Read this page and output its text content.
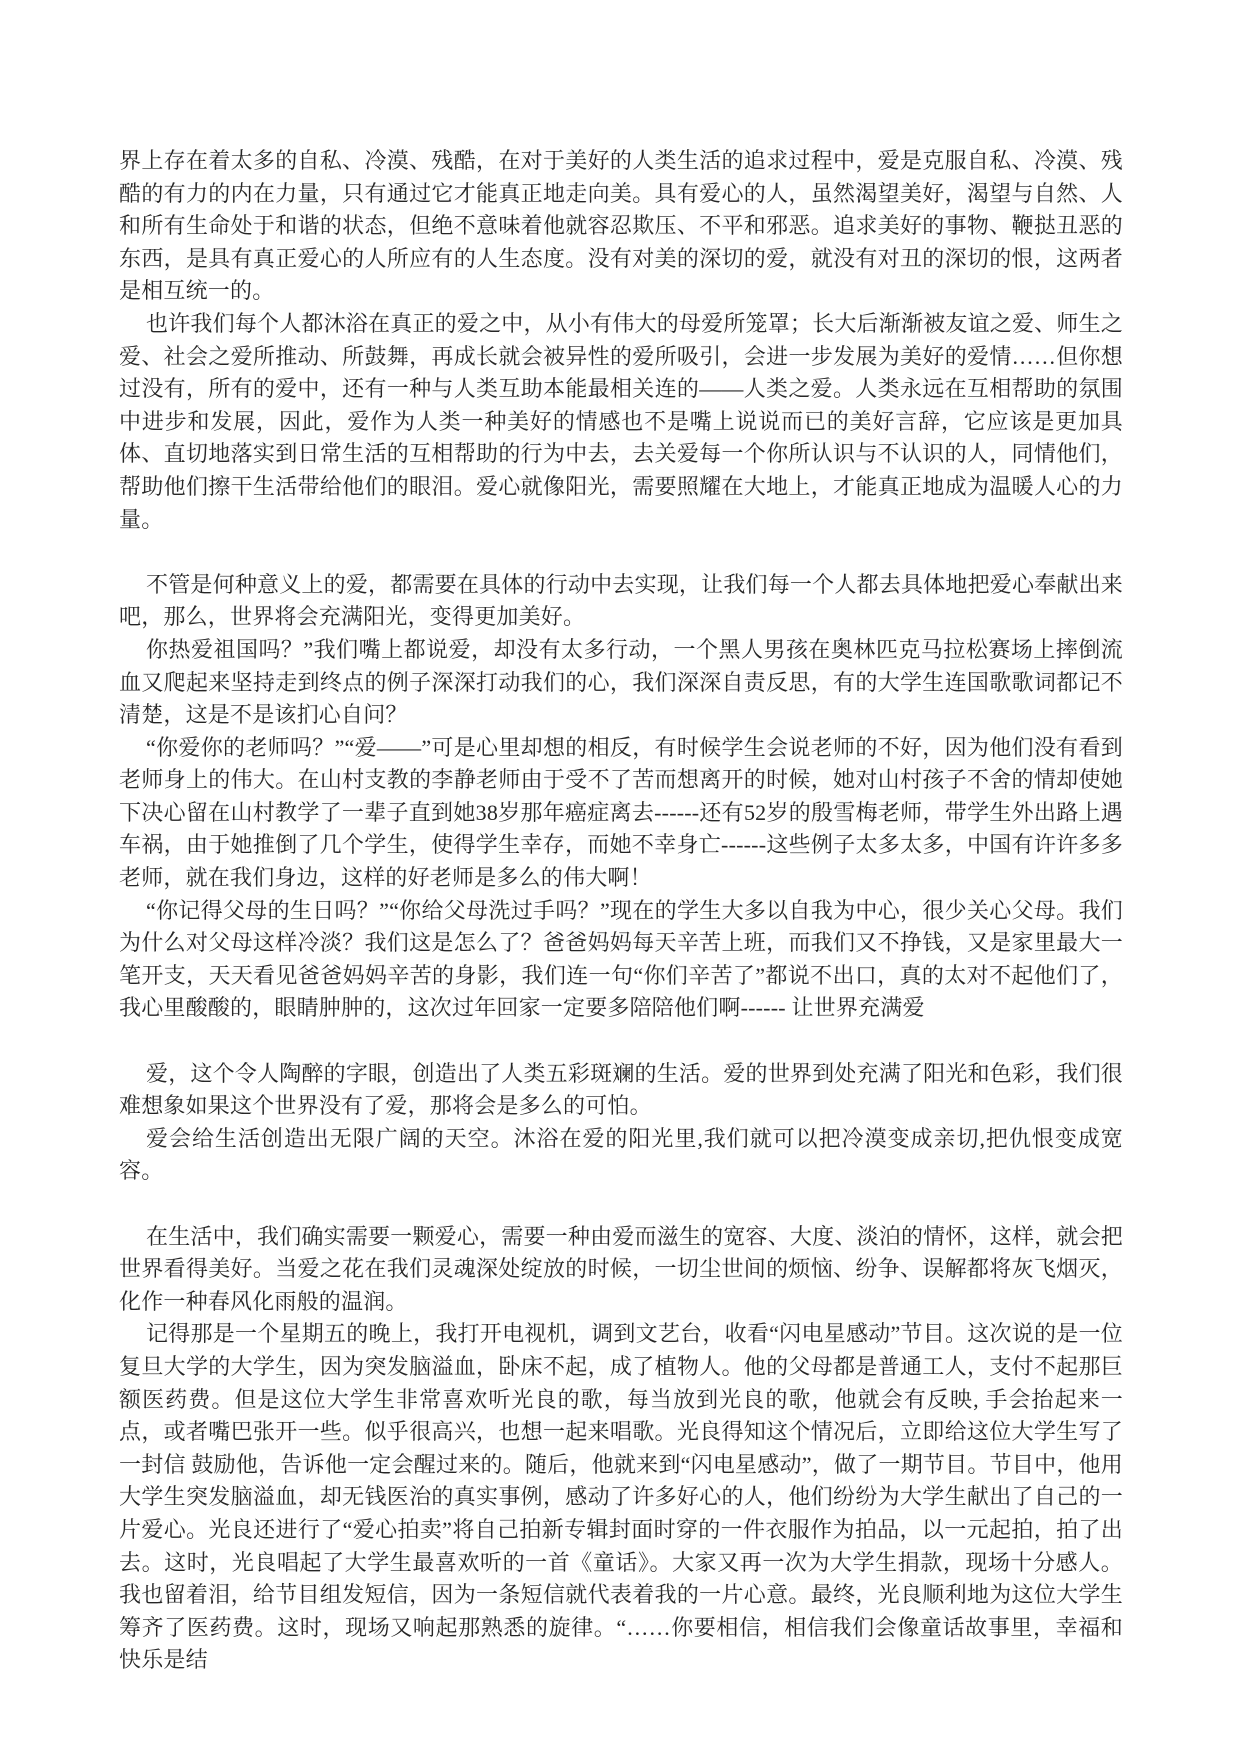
界上存在着太多的自私、冷漠、残酷，在对于美好的人类生活的追求过程中，爱是克服自私、冷漠、残酷的有力的内在力量，只有通过它才能真正地走向美。具有爱心的人，虽然渴望美好，渴望与自然、人和所有生命处于和谐的状态，但绝不意味着他就容忍欺压、不平和邪恶。追求美好的事物、鞭挞丑恶的东西，是具有真正爱心的人所应有的人生态度。没有对美的深切的爱，就没有对丑的深切的恨，这两者是相互统一的。

也许我们每个人都沐浴在真正的爱之中，从小有伟大的母爱所笼罩；长大后渐渐被友谊之爱、师生之爱、社会之爱所推动、所鼓舞，再成长就会被异性的爱所吸引，会进一步发展为美好的爱情……但你想过没有，所有的爱中，还有一种与人类互助本能最相关连的——人类之爱。人类永远在互相帮助的氛围中进步和发展，因此，爱作为人类一种美好的情感也不是嘴上说说而已的美好言辞，它应该是更加具体、直切地落实到日常生活的互相帮助的行为中去，去关爱每一个你所认识与不认识的人，同情他们，帮助他们擦干生活带给他们的眼泪。爱心就像阳光，需要照耀在大地上，才能真正地成为温暖人心的力量。

不管是何种意义上的爱，都需要在具体的行动中去实现，让我们每一个人都去具体地把爱心奉献出来吧，那么，世界将会充满阳光，变得更加美好。

你热爱祖国吗？”我们嘴上都说爱，却没有太多行动，一个黑人男孩在奥林匹克马拉松赛场上摔倒流血又爬起来坚持走到终点的例子深深打动我们的心，我们深深自责反思，有的大学生连国歌歌词都记不清楚，这是不是该扪心自问？

“你爱你的老师吗？”“爱——”可是心里却想的相反，有时候学生会说老师的不好，因为他们没有看到老师身上的伟大。在山村支教的李静老师由于受不了苦而想离开的时候，她对山村孩子不舍的情却使她下决心留在山村教学了一辈子直到她38岁那年癌症离去------还有52岁的殷雪梅老师，带学生外出路上遇车祸，由于她推倒了几个学生，使得学生幸存，而她不幸身亡------这些例子太多太多，中国有许许多多老师，就在我们身边，这样的好老师是多么的伟大啊！

“你记得父母的生日吗？”“你给父母洗过手吗？”现在的学生大多以自我为中心，很少关心父母。我们为什么对父母这样冷淡？我们这是怎么了？爸爸妈妈每天辛苦上班，而我们又不挣钱，又是家里最大一笔开支，天天看见爸爸妈妈辛苦的身影，我们连一句“你们辛苦了”都说不出口，真的太对不起他们了，我心里酸酸的，眼睛肿肿的，这次过年回家一定要多陪陪他们啊------ 让世界充满爱

爱，这个令人陶醉的字眼，创造出了人类五彩斑斓的生活。爱的世界到处充满了阳光和色彩，我们很难想象如果这个世界没有了爱，那将会是多么的可怕。

爱会给生活创造出无限广阔的天空。沐浴在爱的阳光里,我们就可以把冷漠变成亲切,把仇恨变成宽容。

在生活中，我们确实需要一颗爱心，需要一种由爱而滋生的宽容、大度、淡泊的情怀，这样，就会把世界看得美好。当爱之花在我们灵魂深处绽放的时候，一切尘世间的烦恼、纷争、误解都将灰飞烟灭，化作一种春风化雨般的温润。

记得那是一个星期五的晚上，我打开电视机，调到文艺台，收看“闪电星感动”节目。这次说的是一位复旦大学的大学生，因为突发脑溢血，卧床不起，成了植物人。他的父母都是普通工人，支付不起那巨额医药费。但是这位大学生非常喜欢听光良的歌，每当放到光良的歌，他就会有反映, 手会抬起来一点，或者嘴巴张开一些。似乎很高兴，也想一起来唱歌。光良得知这个情况后，立即给这位大学生写了一封信 鼓励他，告诉他一定会醒过来的。随后，他就来到“闪电星感动”，做了一期节目。节目中，他用大学生突发脑溢血，却无钱医治的真实事例，感动了许多好心的人，他们纷纷为大学生献出了自己的一片爱心。光良还进行了“爱心拍卖”将自己拍新专辑封面时穿的一件衣服作为拍品，以一元起拍，拍了出去。这时，光良唱起了大学生最喜欢听的一首《童话》。大家又再一次为大学生捐款，现场十分感人。我也留着泪，给节目组发短信，因为一条短信就代表着我的一片心意。最终，光良顺利地为这位大学生筹齐了医药费。这时，现场又响起那熟悉的旋律。“……你要相信，相信我们会像童话故事里，幸福和快乐是结
